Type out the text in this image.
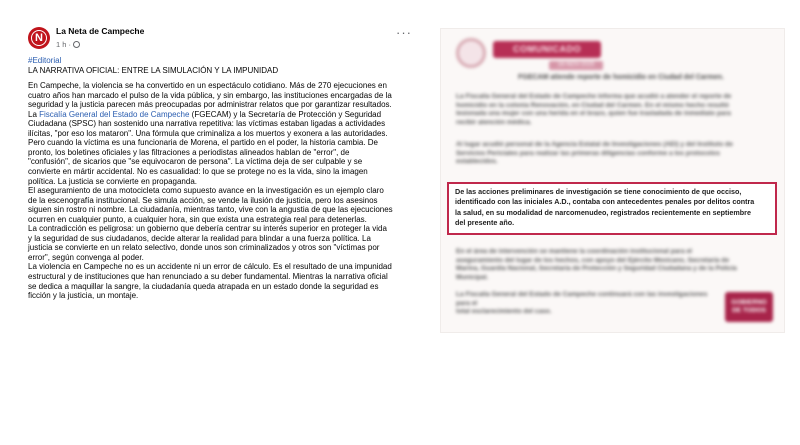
N
La Neta de Campeche
1 h ·
···
#Editorial
LA NARRATIVA OFICIAL: ENTRE LA SIMULACIÓN Y LA IMPUNIDAD

En Campeche, la violencia se ha convertido en un espectáculo cotidiano. Más de 270 ejecuciones en
cuatro años han marcado el pulso de la vida pública, y sin embargo, las instituciones encargadas de la
seguridad y la justicia parecen más preocupadas por administrar relatos que por garantizar resultados.
La Fiscalía General del Estado de Campeche (FGECAM) y la Secretaría de Protección y Seguridad
Ciudadana (SPSC) han sostenido una narrativa repetitiva: las víctimas estaban ligadas a actividades
ilícitas, "por eso los mataron". Una fórmula que criminaliza a los muertos y exonera a las autoridades.
Pero cuando la víctima es una funcionaria de Morena, el partido en el poder, la historia cambia. De
pronto, los boletines oficiales y las filtraciones a periodistas alineados hablan de "error", de
"confusión", de sicarios que "se equivocaron de persona". La víctima deja de ser culpable y se
convierte en mártir accidental. No es casualidad: lo que se protege no es la vida, sino la imagen
política. La justicia se convierte en propaganda.
El aseguramiento de una motocicleta como supuesto avance en la investigación es un ejemplo claro
de la escenografía institucional. Se simula acción, se vende la ilusión de justicia, pero los asesinos
siguen sin rostro ni nombre. La ciudadanía, mientras tanto, vive con la angustia de que las ejecuciones
ocurren en cualquier punto, a cualquier hora, sin que exista una estrategia real para detenerlas.
La contradicción es peligrosa: un gobierno que debería centrar su interés superior en proteger la vida
y la seguridad de sus ciudadanos, decide alterar la realidad para blindar a una fuerza política. La
justicia se convierte en un relato selectivo, donde unos son criminalizados y otros son "víctimas por
error", según convenga al poder.
La violencia en Campeche no es un accidente ni un error de cálculo. Es el resultado de una impunidad
estructural y de instituciones que han renunciado a su deber fundamental. Mientras la narrativa oficial
se dedica a maquillar la sangre, la ciudadanía queda atrapada en un estado donde la seguridad es
ficción y la justicia, un montaje.
COMUNICADO
16-NOV-2025
FGECAM atiende reporte de homicidio en Ciudad del Carmen.
La Fiscalía General del Estado de Campeche informa que acudió a atender el reporte de
homicidio en la colonia Renovación, en Ciudad del Carmen. En el mismo hecho resultó
lesionada una mujer con una herida en el brazo, quien fue trasladada de inmediato para
recibir atención médica.
Al lugar acudió personal de la Agencia Estatal de Investigaciones (AEI) y del Instituto de
Servicios Periciales para realizar las primeras diligencias conforme a los protocolos
establecidos.
En el área de intervención se mantiene la coordinación institucional para el
aseguramiento del lugar de los hechos, con apoyo del Ejército Mexicano, Secretaría de
Marina, Guardia Nacional, Secretaría de Protección y Seguridad Ciudadana y de la Policía
Municipal.
La Fiscalía General del Estado de Campeche continuará con las investigaciones para el
total esclarecimiento del caso.
GOBIERNO
DE TODOS
De las acciones preliminares de investigación se tiene conocimiento de que occiso,
identificado con las iniciales A.D., contaba con antecedentes penales por delitos contra
la salud, en su modalidad de narcomenudeo, registrados recientemente en septiembre
del presente año.
